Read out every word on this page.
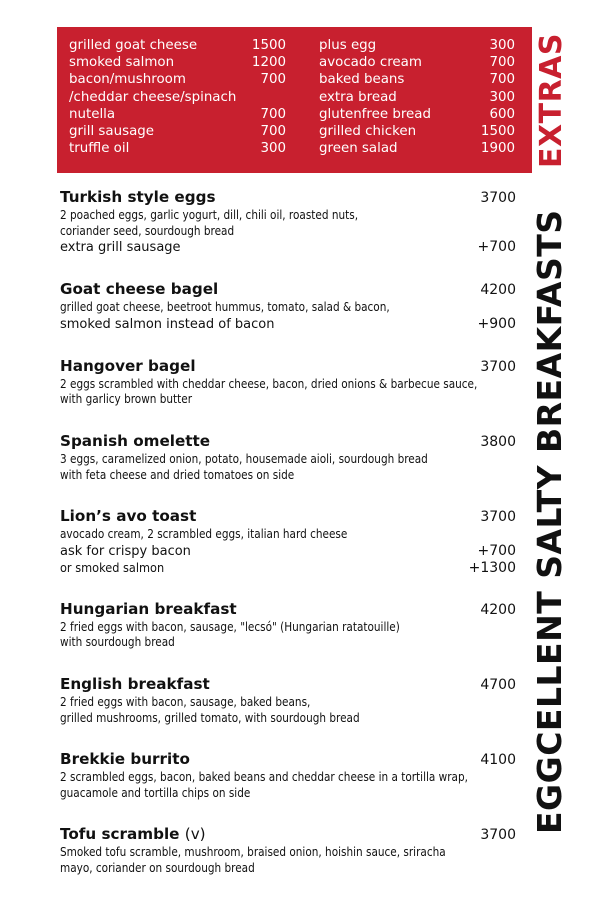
grilled goat cheese	1500
smoked salmon	1200
bacon/mushroom	700
/cheddar cheese/spinach
nutella	700
grill sausage	700
truffle oil	300
plus egg	300
avocado cream	700
baked beans	700
extra bread	300
glutenfree bread	600
grilled chicken	1500
green salad	1900 EXTRAS
EGGCELLENT SALTY BREAKFASTS
Turkish style eggs	3700
2 poached eggs, garlic yogurt, dill, chili oil, roasted nuts,
coriander seed, sourdough bread
extra grill sausage	+700
Goat cheese bagel	4200
grilled goat cheese, beetroot hummus, tomato, salad & bacon,
smoked salmon instead of bacon	+900
Hangover bagel	3700
2 eggs scrambled with cheddar cheese, bacon, dried onions & barbecue sauce,
with garlicy brown butter
Spanish omelette	3800
3 eggs, caramelized onion, potato, housemade aioli, sourdough bread
with feta cheese and dried tomatoes on side
Lion’s avo toast	3700
avocado cream, 2 scrambled eggs, italian hard cheese
ask for crispy bacon	+700
or smoked salmon	+1300
Hungarian breakfast	4200
2 fried eggs with bacon, sausage, "lecsó" (Hungarian ratatouille)
with sourdough bread
English breakfast	4700
2 fried eggs with bacon, sausage, baked beans,
grilled mushrooms, grilled tomato, with sourdough bread
Brekkie burrito	4100
2 scrambled eggs, bacon, baked beans and cheddar cheese in a tortilla wrap,
guacamole and tortilla chips on side
Tofu scramble (v)	3700
Smoked tofu scramble, mushroom, braised onion, hoishin sauce, sriracha
mayo, coriander on sourdough bread
